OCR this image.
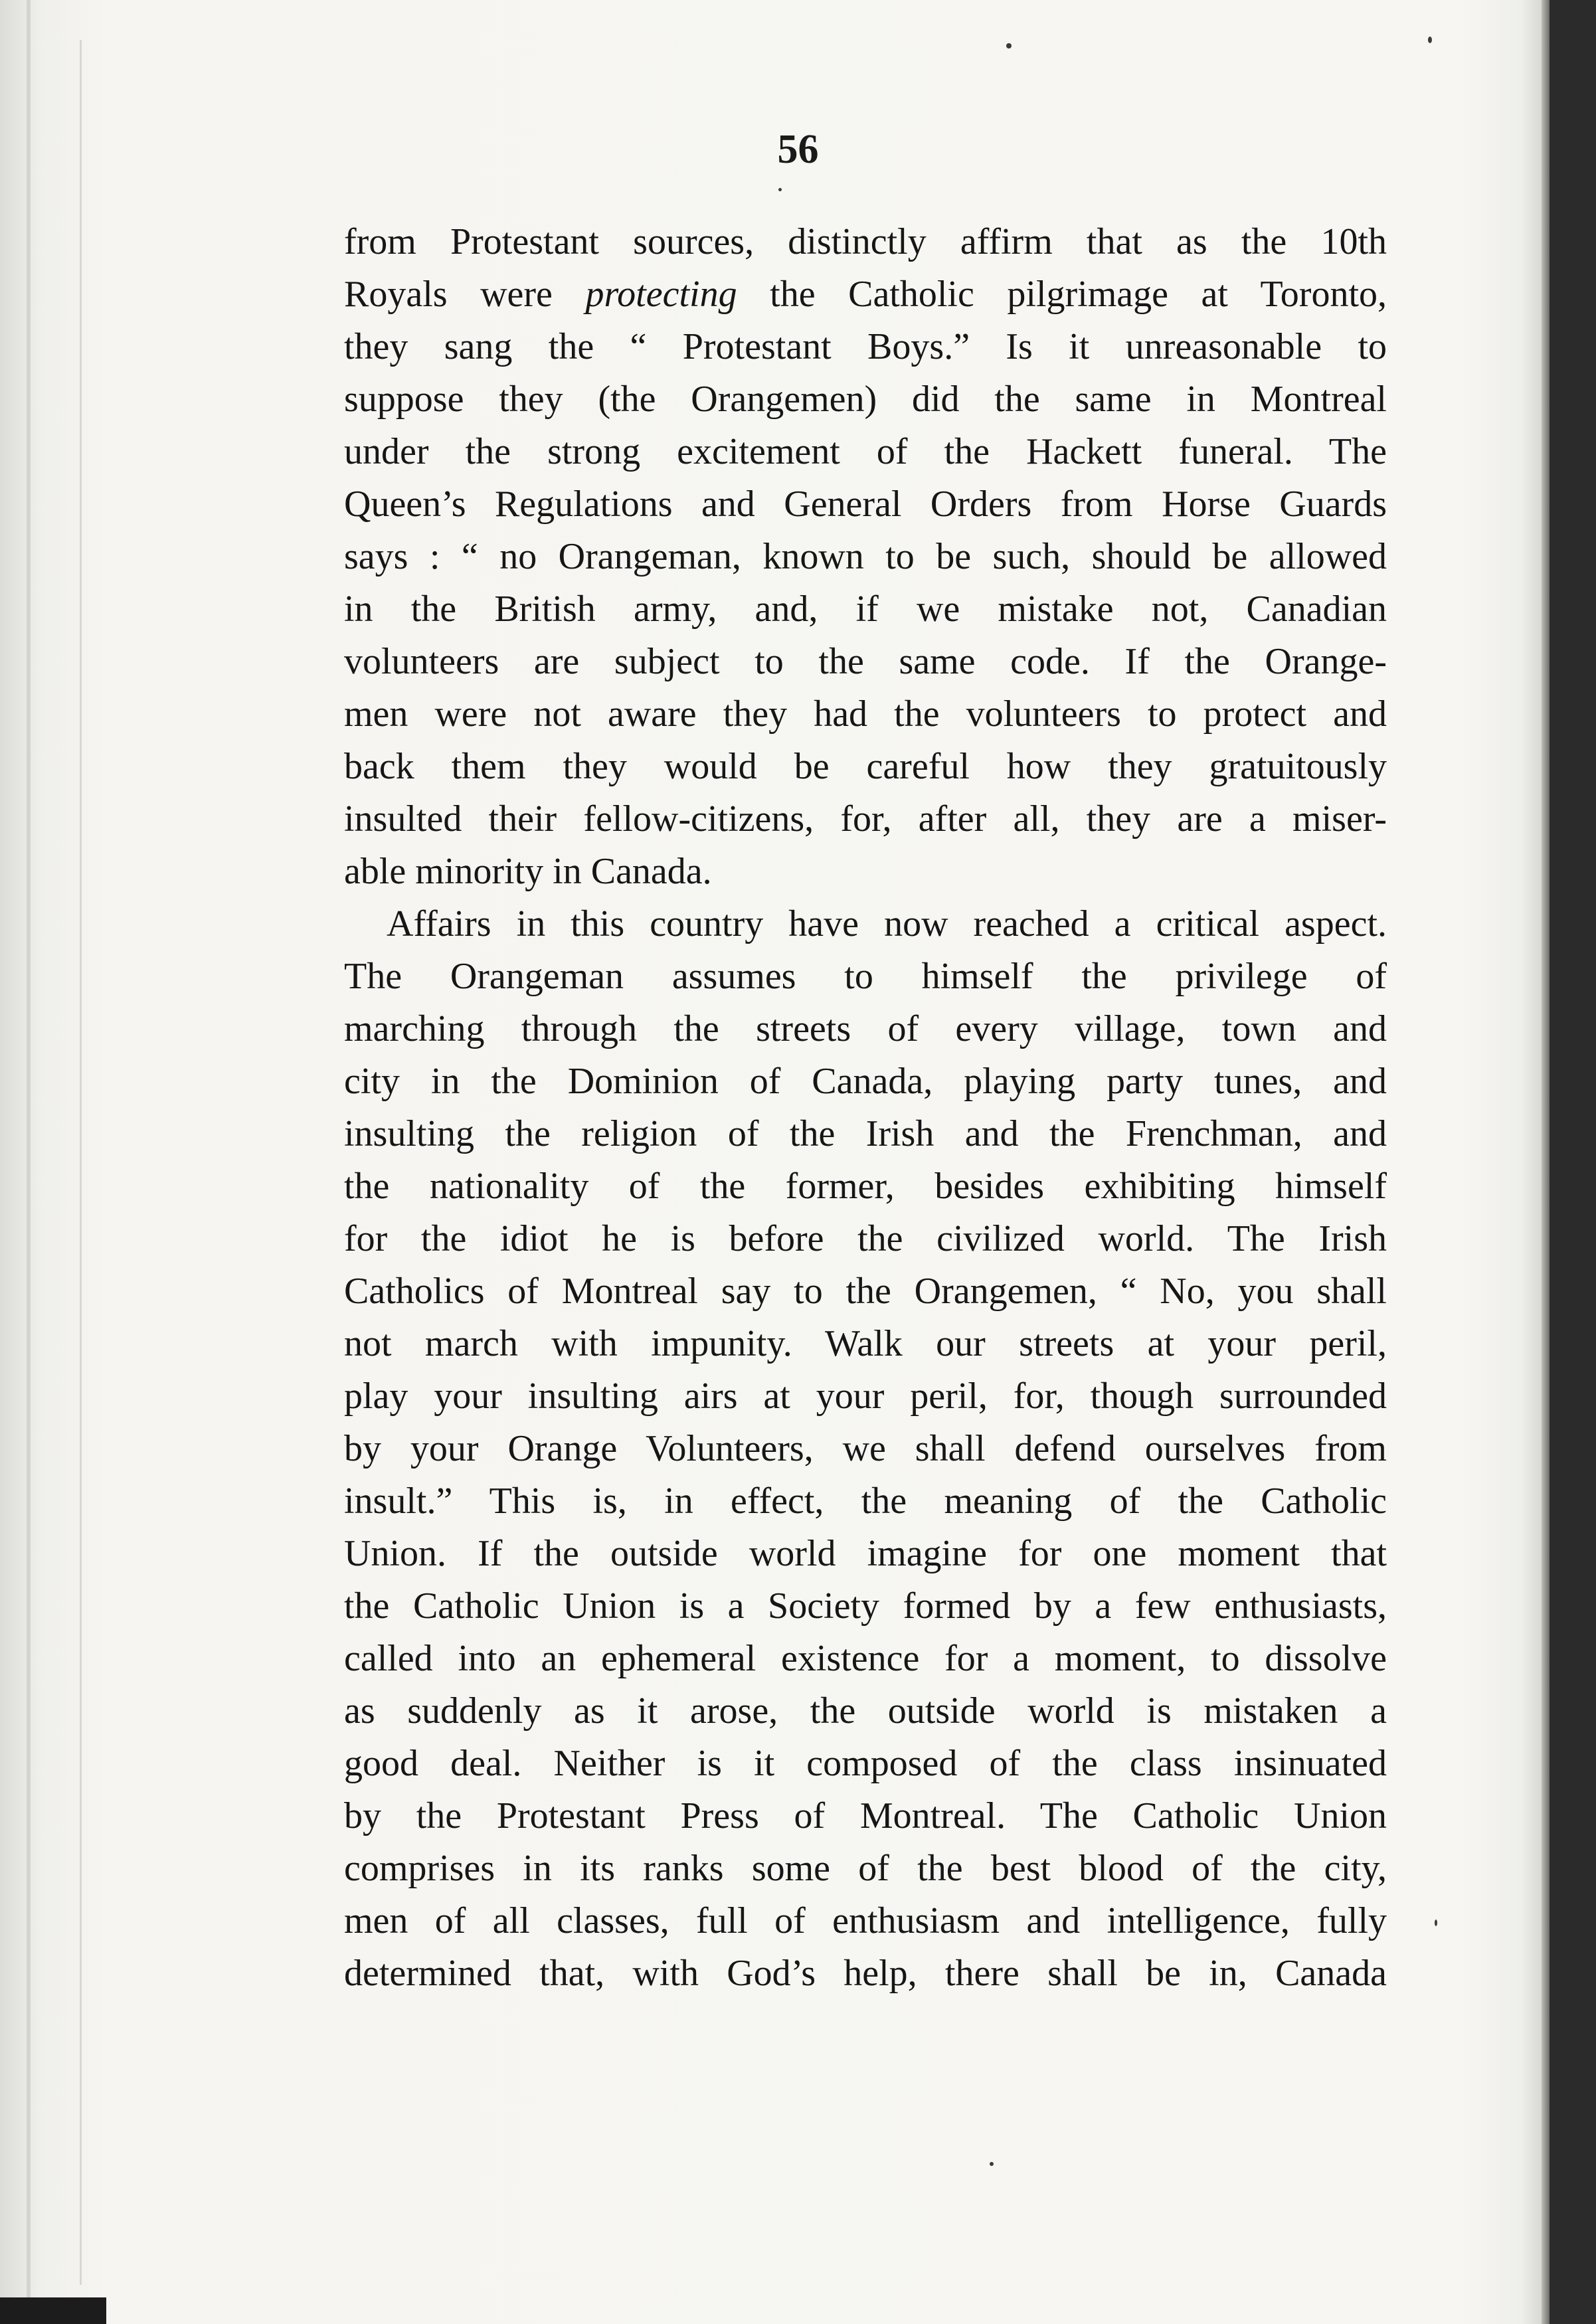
56

from Protestant sources, distinctly affirm that as the 10th
Royals were protecting the Catholic pilgrimage at Toronto,
they sang the “ Protestant Boys.” Is it unreasonable to
suppose they (the Orangemen) did the same in Montreal
under the strong excitement of the Hackett funeral. The
Queen’s Regulations and General Orders from Horse Guards
says : “ no Orangeman, known to be such, should be allowed
in the British army, and, if we mistake not, Canadian
volunteers are subject to the same code. If the Orange-
men were not aware they had the volunteers to protect and
back them they would be careful how they gratuitously
insulted their fellow-citizens, for, after all, they are a miser-
able minority in Canada.
Affairs in this country have now reached a critical aspect.
The Orangeman assumes to himself the privilege of
marching through the streets of every village, town and
city in the Dominion of Canada, playing party tunes, and
insulting the religion of the Irish and the Frenchman, and
the nationality of the former, besides exhibiting himself
for the idiot he is before the civilized world. The Irish
Catholics of Montreal say to the Orangemen, “ No, you shall
not march with impunity. Walk our streets at your peril,
play your insulting airs at your peril, for, though surrounded
by your Orange Volunteers, we shall defend ourselves from
insult.” This is, in effect, the meaning of the Catholic
Union. If the outside world imagine for one moment that
the Catholic Union is a Society formed by a few enthusiasts,
called into an ephemeral existence for a moment, to dissolve
as suddenly as it arose, the outside world is mistaken a
good deal. Neither is it composed of the class insinuated
by the Protestant Press of Montreal. The Catholic Union
comprises in its ranks some of the best blood of the city,
men of all classes, full of enthusiasm and intelligence, fully
determined that, with God’s help, there shall be in, Canada
